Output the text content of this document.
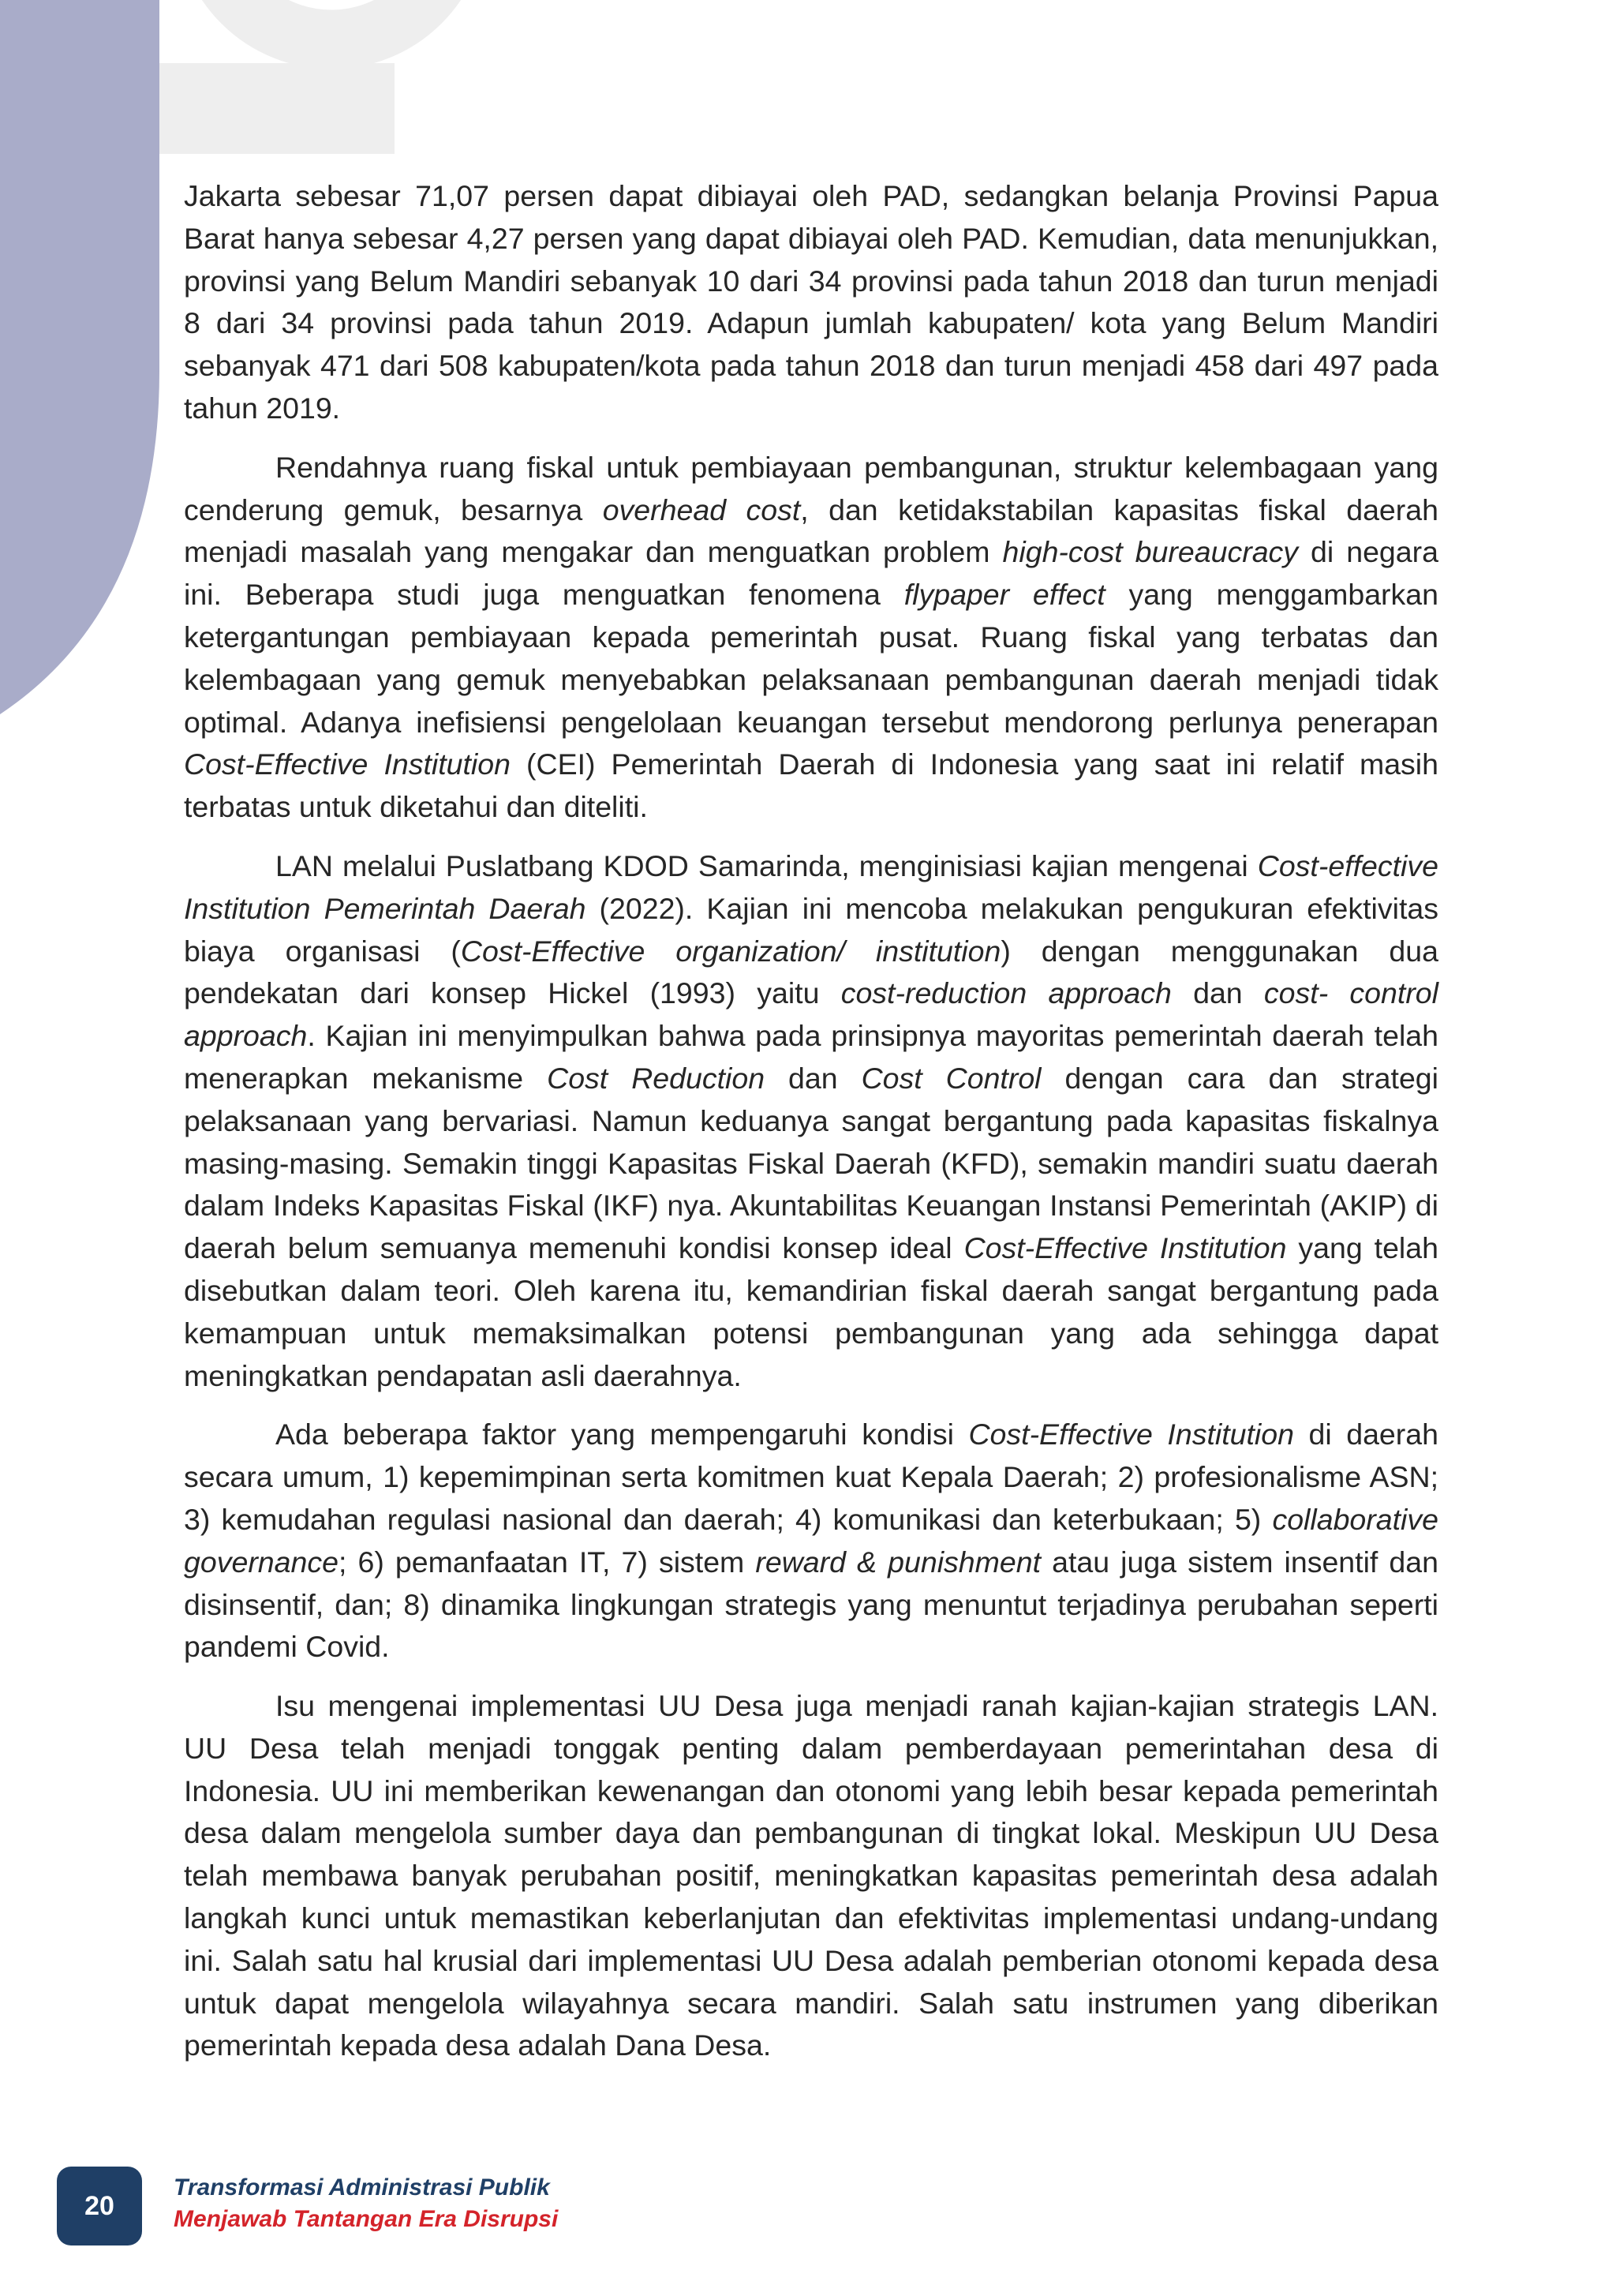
Jakarta sebesar 71,07 persen dapat dibiayai oleh PAD, sedangkan belanja Provinsi Papua Barat hanya sebesar 4,27 persen yang dapat dibiayai oleh PAD. Kemudian, data menunjukkan, provinsi yang Belum Mandiri sebanyak 10 dari 34 provinsi pada tahun 2018 dan turun menjadi 8 dari 34 provinsi pada tahun 2019. Adapun jumlah kabupaten/ kota yang Belum Mandiri sebanyak 471 dari 508 kabupaten/kota pada tahun 2018 dan turun menjadi 458 dari 497 pada tahun 2019.

Rendahnya ruang fiskal untuk pembiayaan pembangunan, struktur kelembagaan yang cenderung gemuk, besarnya overhead cost, dan ketidakstabilan kapasitas fiskal daerah menjadi masalah yang mengakar dan menguatkan problem high-cost bureaucracy di negara ini. Beberapa studi juga menguatkan fenomena flypaper effect yang menggambarkan ketergantungan pembiayaan kepada pemerintah pusat. Ruang fiskal yang terbatas dan kelembagaan yang gemuk menyebabkan pelaksanaan pembangunan daerah menjadi tidak optimal. Adanya inefisiensi pengelolaan keuangan tersebut mendorong perlunya penerapan Cost-Effective Institution (CEI) Pemerintah Daerah di Indonesia yang saat ini relatif masih terbatas untuk diketahui dan diteliti.

LAN melalui Puslatbang KDOD Samarinda, menginisiasi kajian mengenai Cost-effective Institution Pemerintah Daerah (2022). Kajian ini mencoba melakukan pengukuran efektivitas biaya organisasi (Cost-Effective organization/ institution) dengan menggunakan dua pendekatan dari konsep Hickel (1993) yaitu cost-reduction approach dan cost- control approach. Kajian ini menyimpulkan bahwa pada prinsipnya mayoritas pemerintah daerah telah menerapkan mekanisme Cost Reduction dan Cost Control dengan cara dan strategi pelaksanaan yang bervariasi. Namun keduanya sangat bergantung pada kapasitas fiskalnya masing-masing. Semakin tinggi Kapasitas Fiskal Daerah (KFD), semakin mandiri suatu daerah dalam Indeks Kapasitas Fiskal (IKF) nya. Akuntabilitas Keuangan Instansi Pemerintah (AKIP) di daerah belum semuanya memenuhi kondisi konsep ideal Cost-Effective Institution yang telah disebutkan dalam teori. Oleh karena itu, kemandirian fiskal daerah sangat bergantung pada kemampuan untuk memaksimalkan potensi pembangunan yang ada sehingga dapat meningkatkan pendapatan asli daerahnya.

Ada beberapa faktor yang mempengaruhi kondisi Cost-Effective Institution di daerah secara umum, 1) kepemimpinan serta komitmen kuat Kepala Daerah; 2) profesionalisme ASN; 3) kemudahan regulasi nasional dan daerah; 4) komunikasi dan keterbukaan; 5) collaborative governance; 6) pemanfaatan IT, 7) sistem reward & punishment atau juga sistem insentif dan disinsentif, dan; 8) dinamika lingkungan strategis yang menuntut terjadinya perubahan seperti pandemi Covid.

Isu mengenai implementasi UU Desa juga menjadi ranah kajian-kajian strategis LAN. UU Desa telah menjadi tonggak penting dalam pemberdayaan pemerintahan desa di Indonesia. UU ini memberikan kewenangan dan otonomi yang lebih besar kepada pemerintah desa dalam mengelola sumber daya dan pembangunan di tingkat lokal. Meskipun UU Desa telah membawa banyak perubahan positif, meningkatkan kapasitas pemerintah desa adalah langkah kunci untuk memastikan keberlanjutan dan efektivitas implementasi undang-undang ini. Salah satu hal krusial dari implementasi UU Desa adalah pemberian otonomi kepada desa untuk dapat mengelola wilayahnya secara mandiri. Salah satu instrumen yang diberikan pemerintah kepada desa adalah Dana Desa.

20
Transformasi Administrasi Publik
Menjawab Tantangan Era Disrupsi
